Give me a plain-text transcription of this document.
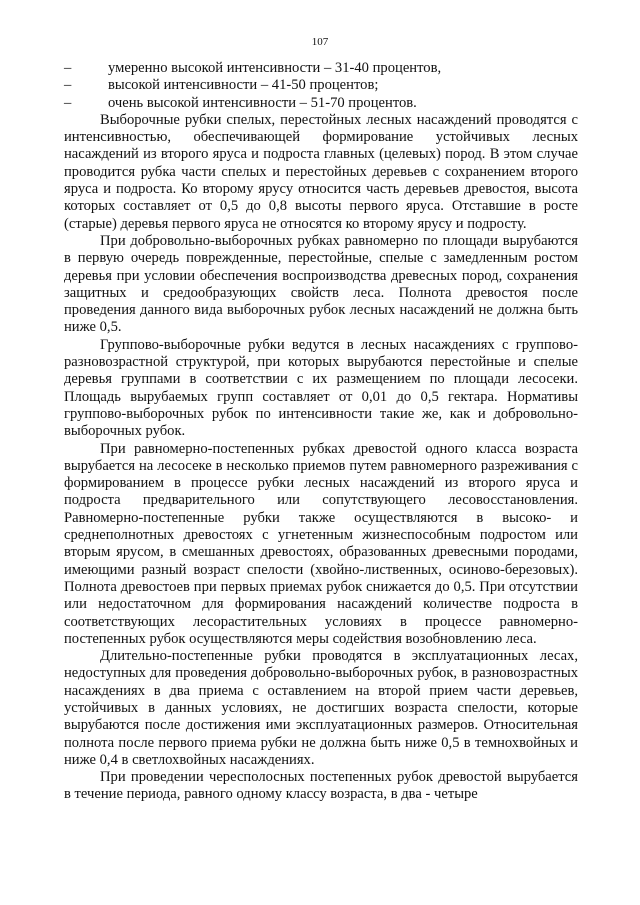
107
–	умеренно высокой интенсивности – 31-40 процентов,
–	высокой интенсивности – 41-50 процентов;
–	очень высокой интенсивности – 51-70 процентов.

Выборочные рубки спелых, перестойных лесных насаждений проводятся с интенсивностью, обеспечивающей формирование устойчивых лесных насаждений из второго яруса и подроста главных (целевых) пород. В этом случае проводится рубка части спелых и перестойных деревьев с сохранением второго яруса и подроста. Ко второму ярусу относится часть деревьев древостоя, высота которых составляет от 0,5 до 0,8 высоты первого яруса. Отставшие в росте (старые) деревья первого яруса не относятся ко второму ярусу и подросту.

При добровольно-выборочных рубках равномерно по площади вырубаются в первую очередь поврежденные, перестойные, спелые с замедленным ростом деревья при условии обеспечения воспроизводства древесных пород, сохранения защитных и средообразующих свойств леса. Полнота древостоя после проведения данного вида выборочных рубок лесных насаждений не должна быть ниже 0,5.

Группово-выборочные рубки ведутся в лесных насаждениях с группово-разновозрастной структурой, при которых вырубаются перестойные и спелые деревья группами в соответствии с их размещением по площади лесосеки. Площадь вырубаемых групп составляет от 0,01 до 0,5 гектара. Нормативы группово-выборочных рубок по интенсивности такие же, как и добровольно-выборочных рубок.

При равномерно-постепенных рубках древостой одного класса возраста вырубается на лесосеке в несколько приемов путем равномерного разреживания с формированием в процессе рубки лесных насаждений из второго яруса и подроста предварительного или сопутствующего лесовосстановления. Равномерно-постепенные рубки также осуществляются в высоко- и среднеполнотных древостоях с угнетенным жизнеспособным подростом или вторым ярусом, в смешанных древостоях, образованных древесными породами, имеющими разный возраст спелости (хвойно-лиственных, осиново-березовых). Полнота древостоев при первых приемах рубок снижается до 0,5. При отсутствии или недостаточном для формирования насаждений количестве подроста в соответствующих лесорастительных условиях в процессе равномерно-постепенных рубок осуществляются меры содействия возобновлению леса.

Длительно-постепенные рубки проводятся в эксплуатационных лесах, недоступных для проведения добровольно-выборочных рубок, в разновозрастных насаждениях в два приема с оставлением на второй прием части деревьев, устойчивых в данных условиях, не достигших возраста спелости, которые вырубаются после достижения ими эксплуатационных размеров. Относительная полнота после первого приема рубки не должна быть ниже 0,5 в темнохвойных и ниже 0,4 в светлохвойных насаждениях.

При проведении чересполосных постепенных рубок древостой вырубается в течение периода, равного одному классу возраста, в два - четыре
